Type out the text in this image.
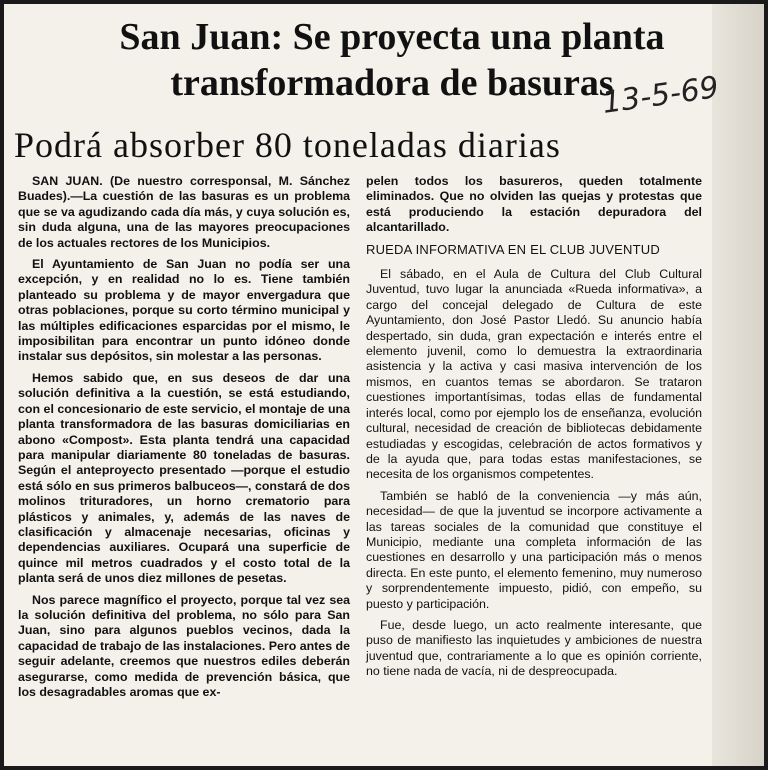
San Juan: Se proyecta una planta transformadora de basuras
13-5-69
Podrá absorber 80 toneladas diarias

SAN JUAN. (De nuestro corresponsal, M. Sánchez Buades).—La cuestión de las basuras es un problema que se va agudizando cada día más, y cuya solución es, sin duda alguna, una de las mayores preocupaciones de los actuales rectores de los Municipios.

El Ayuntamiento de San Juan no podía ser una excepción, y en realidad no lo es. Tiene también planteado su problema y de mayor envergadura que otras poblaciones, porque su corto término municipal y las múltiples edificaciones esparcidas por el mismo, le imposibilitan para encontrar un punto idóneo donde instalar sus depósitos, sin molestar a las personas.

Hemos sabido que, en sus deseos de dar una solución definitiva a la cuestión, se está estudiando, con el concesionario de este servicio, el montaje de una planta transformadora de las basuras domiciliarias en abono «Compost». Esta planta tendrá una capacidad para manipular diariamente 80 toneladas de basuras. Según el anteproyecto presentado —porque el estudio está sólo en sus primeros balbuceos—, constará de dos molinos trituradores, un horno crematorio para plásticos y animales, y, además de las naves de clasificación y almacenaje necesarias, oficinas y dependencias auxiliares. Ocupará una superficie de quince mil metros cuadrados y el costo total de la planta será de unos diez millones de pesetas.

Nos parece magnífico el proyecto, porque tal vez sea la solución definitiva del problema, no sólo para San Juan, sino para algunos pueblos vecinos, dada la capacidad de trabajo de las instalaciones. Pero antes de seguir adelante, creemos que nuestros ediles deberán asegurarse, como medida de prevención básica, que los desagradables aromas que ex-

pelen todos los basureros, queden totalmente eliminados. Que no olviden las quejas y protestas que está produciendo la estación depuradora del alcantarillado.

RUEDA INFORMATIVA EN EL CLUB JUVENTUD

El sábado, en el Aula de Cultura del Club Cultural Juventud, tuvo lugar la anunciada «Rueda informativa», a cargo del concejal delegado de Cultura de este Ayuntamiento, don José Pastor Lledó. Su anuncio había despertado, sin duda, gran expectación e interés entre el elemento juvenil, como lo demuestra la extraordinaria asistencia y la activa y casi masiva intervención de los mismos, en cuantos temas se abordaron. Se trataron cuestiones importantísimas, todas ellas de fundamental interés local, como por ejemplo los de enseñanza, evolución cultural, necesidad de creación de bibliotecas debidamente estudiadas y escogidas, celebración de actos formativos y de la ayuda que, para todas estas manifestaciones, se necesita de los organismos competentes.

También se habló de la conveniencia —y más aún, necesidad— de que la juventud se incorpore activamente a las tareas sociales de la comunidad que constituye el Municipio, mediante una completa información de las cuestiones en desarrollo y una participación más o menos directa. En este punto, el elemento femenino, muy numeroso y sorprendentemente impuesto, pidió, con empeño, su puesto y participación.

Fue, desde luego, un acto realmente interesante, que puso de manifiesto las inquietudes y ambiciones de nuestra juventud que, contrariamente a lo que es opinión corriente, no tiene nada de vacía, ni de despreocupada.
